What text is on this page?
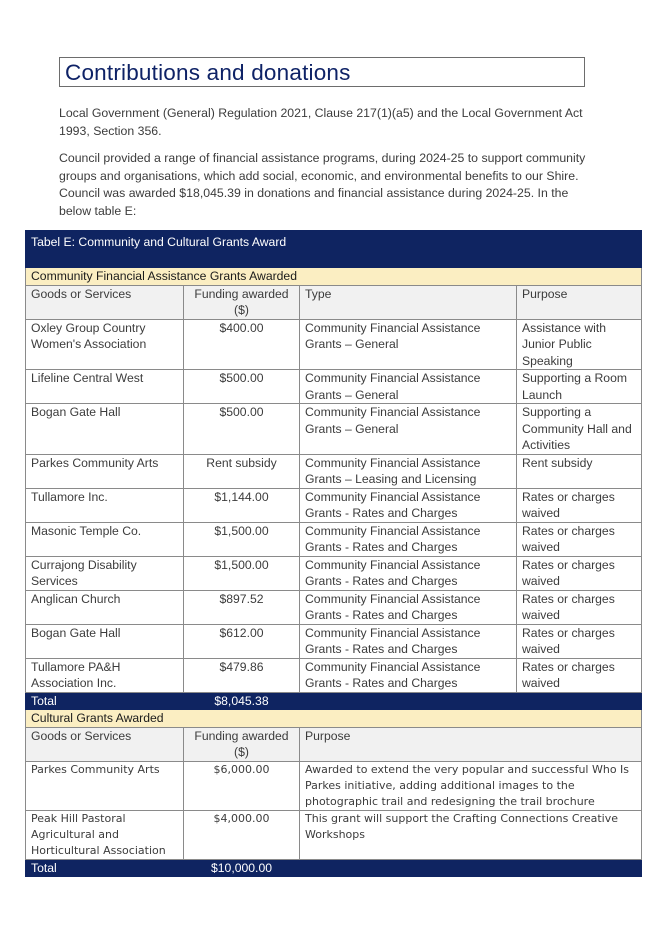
Contributions and donations

Local Government (General) Regulation 2021, Clause 217(1)(a5) and the Local Government Act 1993, Section 356.

Council provided a range of financial assistance programs, during 2024-25 to support community groups and organisations, which add social, economic, and environmental benefits to our Shire. Council was awarded $18,045.39 in donations and financial assistance during 2024-25. In the below table E:

Tabel E: Community and Cultural Grants Award			
Community Financial Assistance Grants Awarded			
Goods or Services	Funding awarded ($)	Type	Purpose
Oxley Group Country Women's Association	$400.00	Community Financial Assistance Grants – General	Assistance with Junior Public Speaking
Lifeline Central West	$500.00	Community Financial Assistance Grants – General	Supporting a Room Launch
Bogan Gate Hall	$500.00	Community Financial Assistance Grants – General	Supporting a Community Hall and Activities
Parkes Community Arts	Rent subsidy	Community Financial Assistance Grants – Leasing and Licensing	Rent subsidy
Tullamore Inc.	$1,144.00	Community Financial Assistance Grants - Rates and Charges	Rates or charges waived
Masonic Temple Co.	$1,500.00	Community Financial Assistance Grants - Rates and Charges	Rates or charges waived
Currajong Disability Services	$1,500.00	Community Financial Assistance Grants - Rates and Charges	Rates or charges waived
Anglican Church	$897.52	Community Financial Assistance Grants - Rates and Charges	Rates or charges waived
Bogan Gate Hall	$612.00	Community Financial Assistance Grants - Rates and Charges	Rates or charges waived
Tullamore PA&H Association Inc.	$479.86	Community Financial Assistance Grants - Rates and Charges	Rates or charges waived
Total	$8,045.38		
Cultural Grants Awarded			
Goods or Services	Funding awarded ($)	Purpose	
Parkes Community Arts	$6,000.00	Awarded to extend the very popular and successful Who Is Parkes initiative, adding additional images to the photographic trail and redesigning the trail brochure	
Peak Hill Pastoral Agricultural and Horticultural Association	$4,000.00	This grant will support the Crafting Connections Creative Workshops	
Total	$10,000.00		
